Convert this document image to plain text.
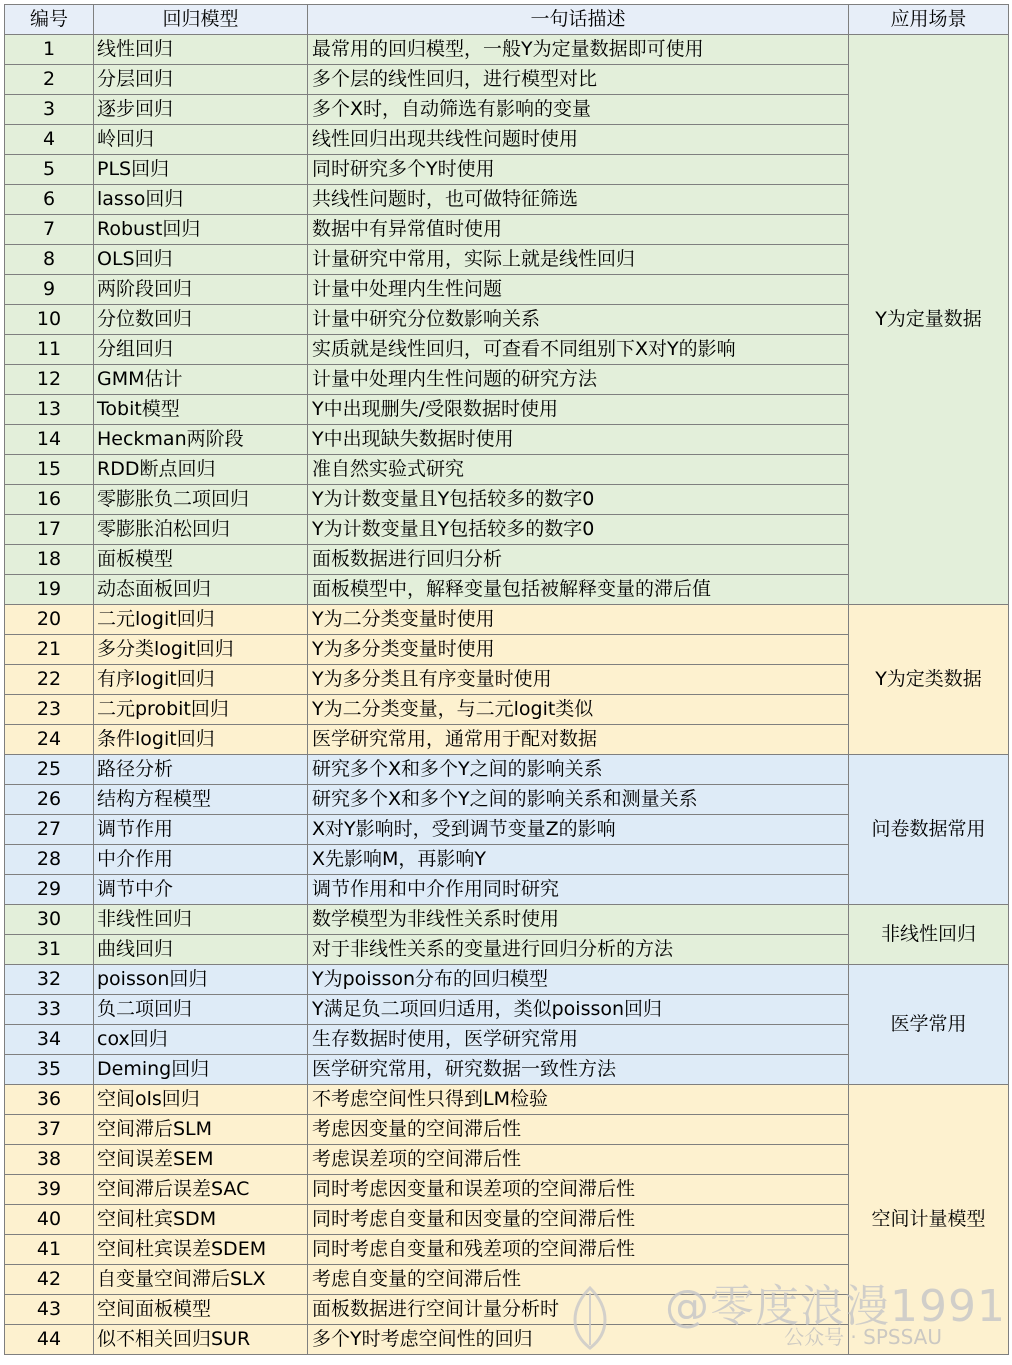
编号	回归模型	一句话描述	应用场景
1	线性回归	最常用的回归模型，一般Y为定量数据即可使用	Y为定量数据
2	分层回归	多个层的线性回归，进行模型对比	
3	逐步回归	多个X时，自动筛选有影响的变量	
4	岭回归	线性回归出现共线性问题时使用	
5	PLS回归	同时研究多个Y时使用	
6	lasso回归	共线性问题时，也可做特征筛选	
7	Robust回归	数据中有异常值时使用	
8	OLS回归	计量研究中常用，实际上就是线性回归	
9	两阶段回归	计量中处理内生性问题	
10	分位数回归	计量中研究分位数影响关系	
11	分组回归	实质就是线性回归，可查看不同组别下X对Y的影响	
12	GMM估计	计量中处理内生性问题的研究方法	
13	Tobit模型	Y中出现删失/受限数据时使用	
14	Heckman两阶段	Y中出现缺失数据时使用	
15	RDD断点回归	准自然实验式研究	
16	零膨胀负二项回归	Y为计数变量且Y包括较多的数字0	
17	零膨胀泊松回归	Y为计数变量且Y包括较多的数字0	
18	面板模型	面板数据进行回归分析	
19	动态面板回归	面板模型中，解释变量包括被解释变量的滞后值	
20	二元logit回归	Y为二分类变量时使用	Y为定类数据
21	多分类logit回归	Y为多分类变量时使用	
22	有序logit回归	Y为多分类且有序变量时使用	
23	二元probit回归	Y为二分类变量，与二元logit类似	
24	条件logit回归	医学研究常用，通常用于配对数据	
25	路径分析	研究多个X和多个Y之间的影响关系	问卷数据常用
26	结构方程模型	研究多个X和多个Y之间的影响关系和测量关系	
27	调节作用	X对Y影响时，受到调节变量Z的影响	
28	中介作用	X先影响M，再影响Y	
29	调节中介	调节作用和中介作用同时研究	
30	非线性回归	数学模型为非线性关系时使用	非线性回归
31	曲线回归	对于非线性关系的变量进行回归分析的方法	
32	poisson回归	Y为poisson分布的回归模型	医学常用
33	负二项回归	Y满足负二项回归适用，类似poisson回归	
34	cox回归	生存数据时使用，医学研究常用	
35	Deming回归	医学研究常用，研究数据一致性方法	
36	空间ols回归	不考虑空间性只得到LM检验	空间计量模型
37	空间滞后SLM	考虑因变量的空间滞后性	
38	空间误差SEM	考虑误差项的空间滞后性	
39	空间滞后误差SAC	同时考虑因变量和误差项的空间滞后性	
40	空间杜宾SDM	同时考虑自变量和因变量的空间滞后性	
41	空间杜宾误差SDEM	同时考虑自变量和残差项的空间滞后性	
42	自变量空间滞后SLX	考虑自变量的空间滞后性	
43	空间面板模型	面板数据进行空间计量分析时	
44	似不相关回归SUR	多个Y时考虑空间性的回归	
@零度浪漫1991
公众号 · SPSSAU
